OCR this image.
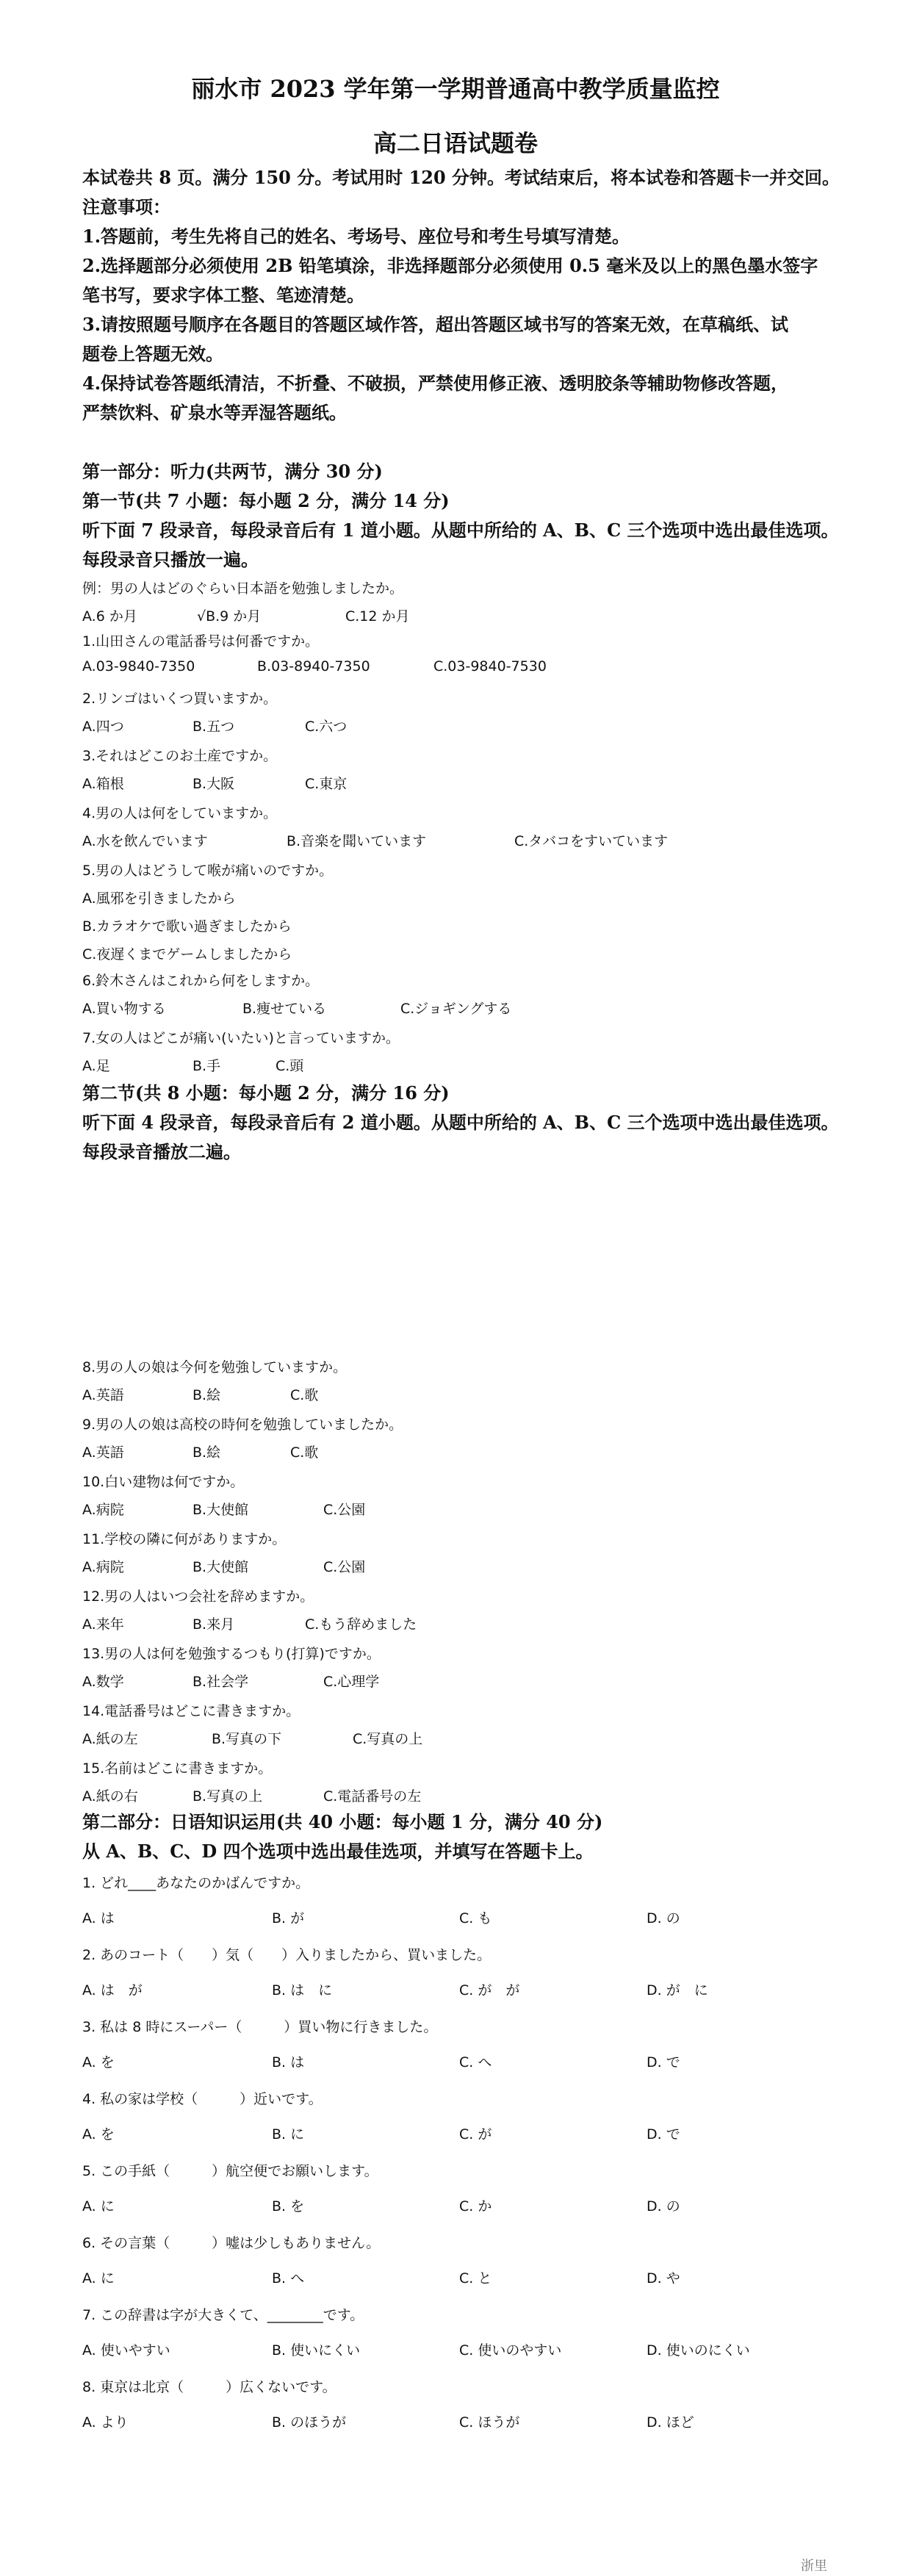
丽水市 2023 学年第一学期普通高中教学质量监控
高二日语试题卷
本试卷共 8 页。满分 150 分。考试用时 120 分钟。考试结束后，将本试卷和答题卡一并交回。
注意事项：
1.答题前，考生先将自己的姓名、考场号、座位号和考生号填写清楚。
2.选择题部分必须使用 2B 铅笔填涂，非选择题部分必须使用 0.5 毫米及以上的黑色墨水签字
笔书写，要求字体工整、笔迹清楚。
3.请按照题号顺序在各题目的答题区域作答，超出答题区域书写的答案无效，在草稿纸、试
题卷上答题无效。
4.保持试卷答题纸清洁，不折叠、不破损，严禁使用修正液、透明胶条等辅助物修改答题，
严禁饮料、矿泉水等弄湿答题纸。
第一部分：听力(共两节，满分 30 分)
第一节(共 7 小题：每小题 2 分，满分 14 分)
听下面 7 段录音，每段录音后有 1 道小题。从题中所给的 A、B、C 三个选项中选出最佳选项。
每段录音只播放一遍。
例：男の人はどのぐらい日本語を勉強しましたか。
A.6 か月	√B.9 か月	C.12 か月
1.山田さんの電話番号は何番ですか。
A.03-9840-7350	B.03-8940-7350	C.03-9840-7530
2.リンゴはいくつ買いますか。
A.四つ	B.五つ	C.六つ
3.それはどこのお土産ですか。
A.箱根	B.大阪	C.東京
4.男の人は何をしていますか。
A.水を飲んでいます	B.音楽を聞いています	C.タバコをすいています
5.男の人はどうして喉が痛いのですか。
A.風邪を引きましたから
B.カラオケで歌い過ぎましたから
C.夜遅くまでゲームしましたから
6.鈴木さんはこれから何をしますか。
A.買い物する	B.痩せている	C.ジョギングする
7.女の人はどこが痛い(いたい)と言っていますか。
A.足	B.手	C.頭
第二节(共 8 小题：每小题 2 分，满分 16 分)
听下面 4 段录音，每段录音后有 2 道小题。从题中所给的 A、B、C 三个选项中选出最佳选项。
每段录音播放二遍。
8.男の人の娘は今何を勉強していますか。
A.英語	B.絵	C.歌
9.男の人の娘は高校の時何を勉強していましたか。
A.英語	B.絵	C.歌
10.白い建物は何ですか。
A.病院	B.大使館	C.公園
11.学校の隣に何がありますか。
A.病院	B.大使館	C.公園
12.男の人はいつ会社を辞めますか。
A.来年	B.来月	C.もう辞めました
13.男の人は何を勉強するつもり(打算)ですか。
A.数学	B.社会学	C.心理学
14.電話番号はどこに書きますか。
A.紙の左	B.写真の下	C.写真の上
15.名前はどこに書きますか。
A.紙の右	B.写真の上	C.電話番号の左
第二部分：日语知识运用(共 40 小题：每小题 1 分，满分 40 分)
从 A、B、C、D 四个选项中选出最佳选项，并填写在答题卡上。
1. どれ____あなたのかばんですか。
A. は	B. が	C. も	D. の
2. あのコート（　　）気（　　）入りましたから、買いました。
A. は　が	B. は　に	C. が　が	D. が　に
3. 私は 8 時にスーパー（　　　）買い物に行きました。
A. を	B. は	C. へ	D. で
4. 私の家は学校（　　　）近いです。
A. を	B. に	C. が	D. で
5. この手紙（　　　）航空便でお願いします。
A. に	B. を	C. か	D. の
6. その言葉（　　　）嘘は少しもありません。
A. に	B. へ	C. と	D. や
7. この辞書は字が大きくて、________です。
A. 使いやすい	B. 使いにくい	C. 使いのやすい	D. 使いのにくい
8. 東京は北京（　　　）広くないです。
A. より	B. のほうが	C. ほうが	D. ほど
浙里
